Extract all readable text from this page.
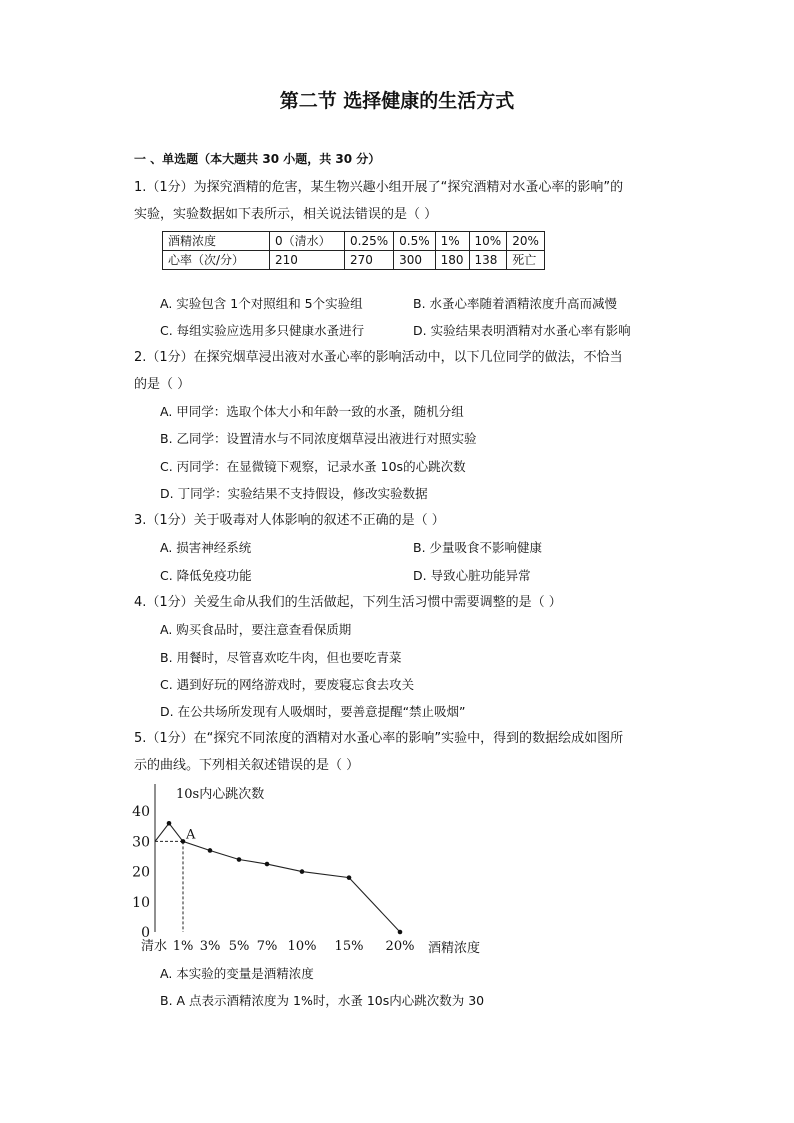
第二节 选择健康的生活方式
一 、单选题（本大题共 30 小题，共 30 分）
1.（1分）为探究酒精的危害，某生物兴趣小组开展了“探究酒精对水蚤心率的影响”的
实验，实验数据如下表所示，相关说法错误的是（ ）
酒精浓度	0（清水）	0.25%	0.5%	1%	10%	20%
心率（次/分）	210	270	300	180	138	死亡
A. 实验包含 1个对照组和 5个实验组	B. 水蚤心率随着酒精浓度升高而减慢
C. 每组实验应选用多只健康水蚤进行	D. 实验结果表明酒精对水蚤心率有影响
2.（1分）在探究烟草浸出液对水蚤心率的影响活动中，以下几位同学的做法，不恰当
的是（ ）
A. 甲同学：选取个体大小和年龄一致的水蚤，随机分组
B. 乙同学：设置清水与不同浓度烟草浸出液进行对照实验
C. 丙同学：在显微镜下观察，记录水蚤 10s的心跳次数
D. 丁同学：实验结果不支持假设，修改实验数据
3.（1分）关于吸毒对人体影响的叙述不正确的是（ ）
A. 损害神经系统	B. 少量吸食不影响健康
C. 降低免疫功能	D. 导致心脏功能异常
4.（1分）关爱生命从我们的生活做起，下列生活习惯中需要调整的是（ ）
A. 购买食品时，要注意查看保质期
B. 用餐时，尽管喜欢吃牛肉，但也要吃青菜
C. 遇到好玩的网络游戏时，要废寝忘食去攻关
D. 在公共场所发现有人吸烟时，要善意提醒“禁止吸烟”
5.（1分）在“探究不同浓度的酒精对水蚤心率的影响”实验中，得到的数据绘成如图所
示的曲线。下列相关叙述错误的是（ ）
10s内心跳次数
40
30
20
10
0
清水 1% 3% 5% 7% 10% 15% 20% 酒精浓度
A
A. 本实验的变量是酒精浓度
B. A 点表示酒精浓度为 1%时，水蚤 10s内心跳次数为 30
